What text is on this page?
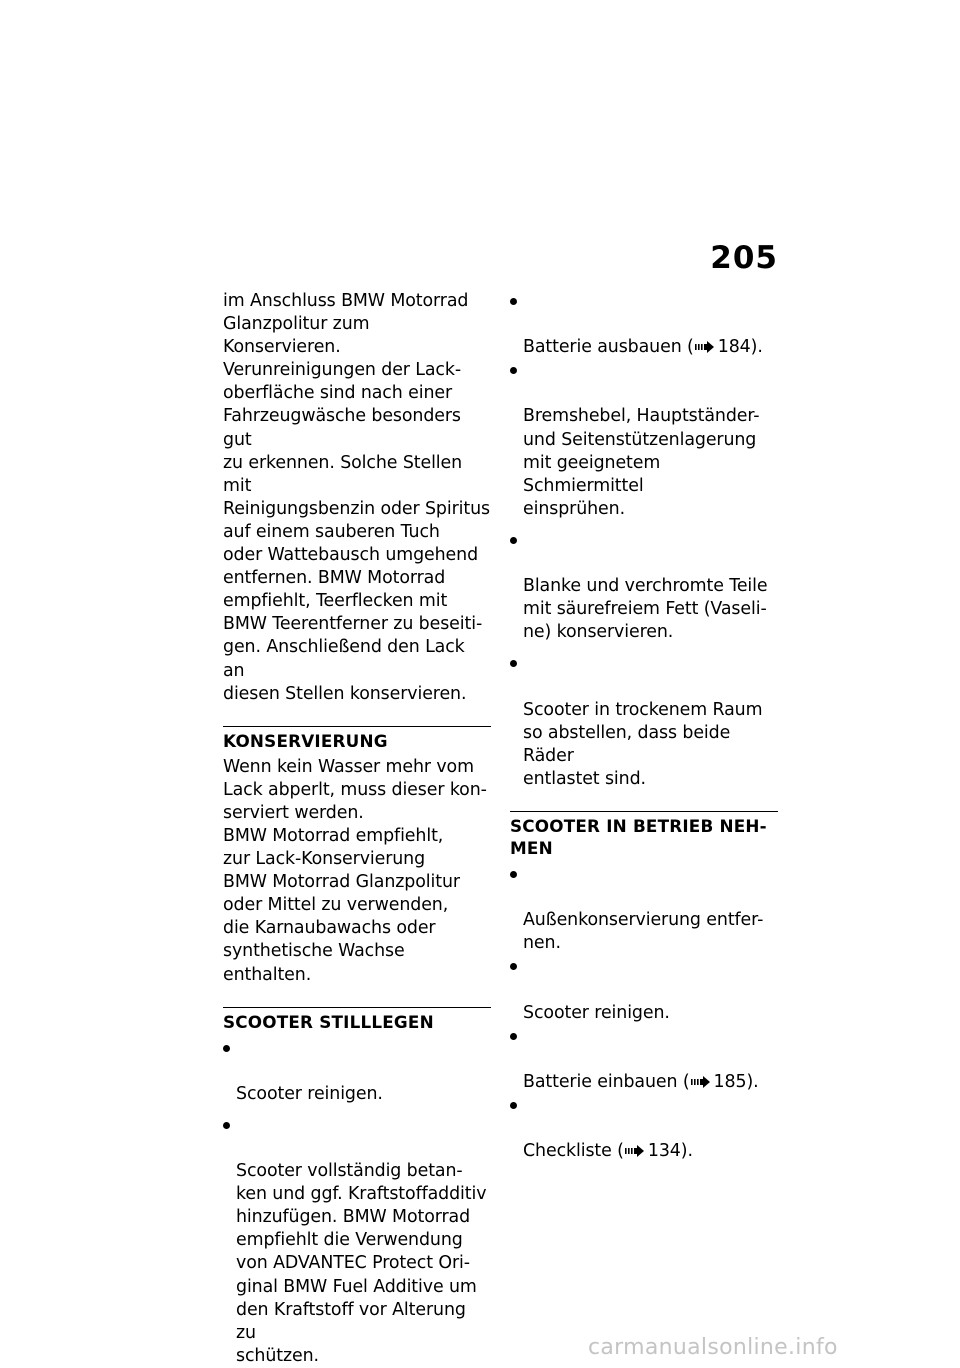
205

im Anschluss BMW Motorrad
Glanzpolitur zum Konservieren.
Verunreinigungen der Lack-
oberfläche sind nach einer
Fahrzeugwäsche besonders gut
zu erkennen. Solche Stellen mit
Reinigungsbenzin oder Spiritus
auf einem sauberen Tuch
oder Wattebausch umgehend
entfernen. BMW Motorrad
empfiehlt, Teerflecken mit
BMW Teerentferner zu beseiti-
gen. Anschließend den Lack an
diesen Stellen konservieren.

KONSERVIERUNG

Wenn kein Wasser mehr vom
Lack abperlt, muss dieser kon-
serviert werden.
BMW Motorrad empfiehlt,
zur Lack-Konservierung
BMW Motorrad Glanzpolitur
oder Mittel zu verwenden,
die Karnaubawachs oder
synthetische Wachse enthalten.

SCOOTER STILLLEGEN

Scooter reinigen.

Scooter vollständig betan-
ken und ggf. Kraftstoffadditiv
hinzufügen. BMW Motorrad
empfiehlt die Verwendung
von ADVANTEC Protect Ori-
ginal BMW Fuel Additive um
den Kraftstoff vor Alterung zu
schützen.

Batterie ausbauen ( 184).

Bremshebel, Hauptständer-
und Seitenstützenlagerung
mit geeignetem Schmiermittel
einsprühen.

Blanke und verchromte Teile
mit säurefreiem Fett (Vaseli-
ne) konservieren.

Scooter in trockenem Raum
so abstellen, dass beide Räder
entlastet sind.

SCOOTER IN BETRIEB NEH-
MEN

Außenkonservierung entfer-
nen.

Scooter reinigen.

Batterie einbauen ( 185).

Checkliste ( 134).

carmanualsonline.info
